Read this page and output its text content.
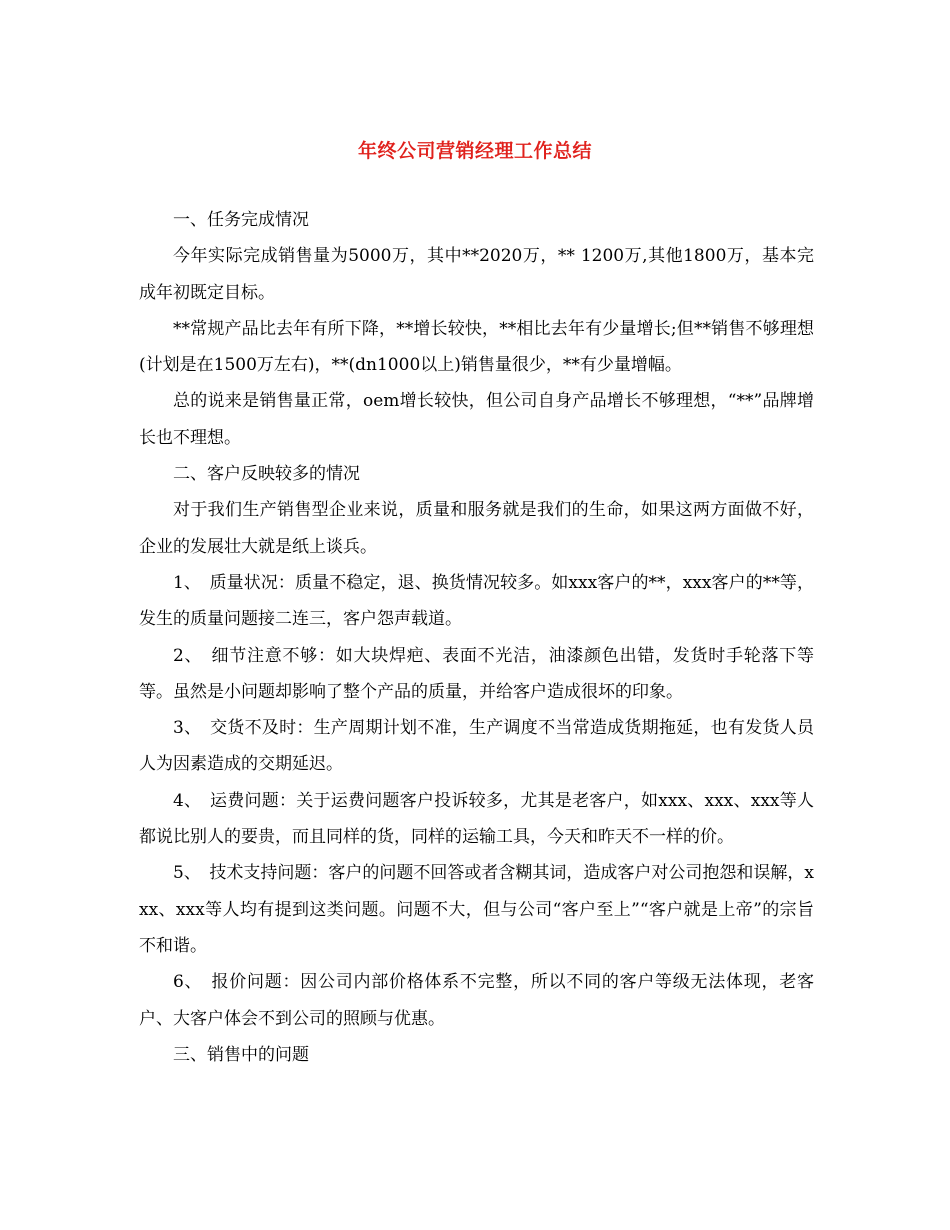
年终公司营销经理工作总结

一、任务完成情况

今年实际完成销售量为5000万，其中**2020万，** 1200万,其他1800万，基本完成年初既定目标。

**常规产品比去年有所下降，**增长较快，**相比去年有少量增长;但**销售不够理想(计划是在1500万左右)，**(dn1000以上)销售量很少，**有少量增幅。

总的说来是销售量正常，oem增长较快，但公司自身产品增长不够理想，“**”品牌增长也不理想。

二、客户反映较多的情况

对于我们生产销售型企业来说，质量和服务就是我们的生命，如果这两方面做不好，企业的发展壮大就是纸上谈兵。

1、　质量状况：质量不稳定，退、换货情况较多。如xxx客户的**，xxx客户的**等，发生的质量问题接二连三，客户怨声载道。

2、　细节注意不够：如大块焊疤、表面不光洁，油漆颜色出错，发货时手轮落下等等。虽然是小问题却影响了整个产品的质量，并给客户造成很坏的印象。

3、　交货不及时：生产周期计划不准，生产调度不当常造成货期拖延，也有发货人员人为因素造成的交期延迟。

4、　运费问题：关于运费问题客户投诉较多，尤其是老客户，如xxx、xxx、xxx等人都说比别人的要贵，而且同样的货，同样的运输工具，今天和昨天不一样的价。

5、　技术支持问题：客户的问题不回答或者含糊其词，造成客户对公司抱怨和误解，xxx、xxx等人均有提到这类问题。问题不大，但与公司“客户至上”“客户就是上帝”的宗旨不和谐。

6、　报价问题：因公司内部价格体系不完整，所以不同的客户等级无法体现，老客户、大客户体会不到公司的照顾与优惠。

三、销售中的问题
